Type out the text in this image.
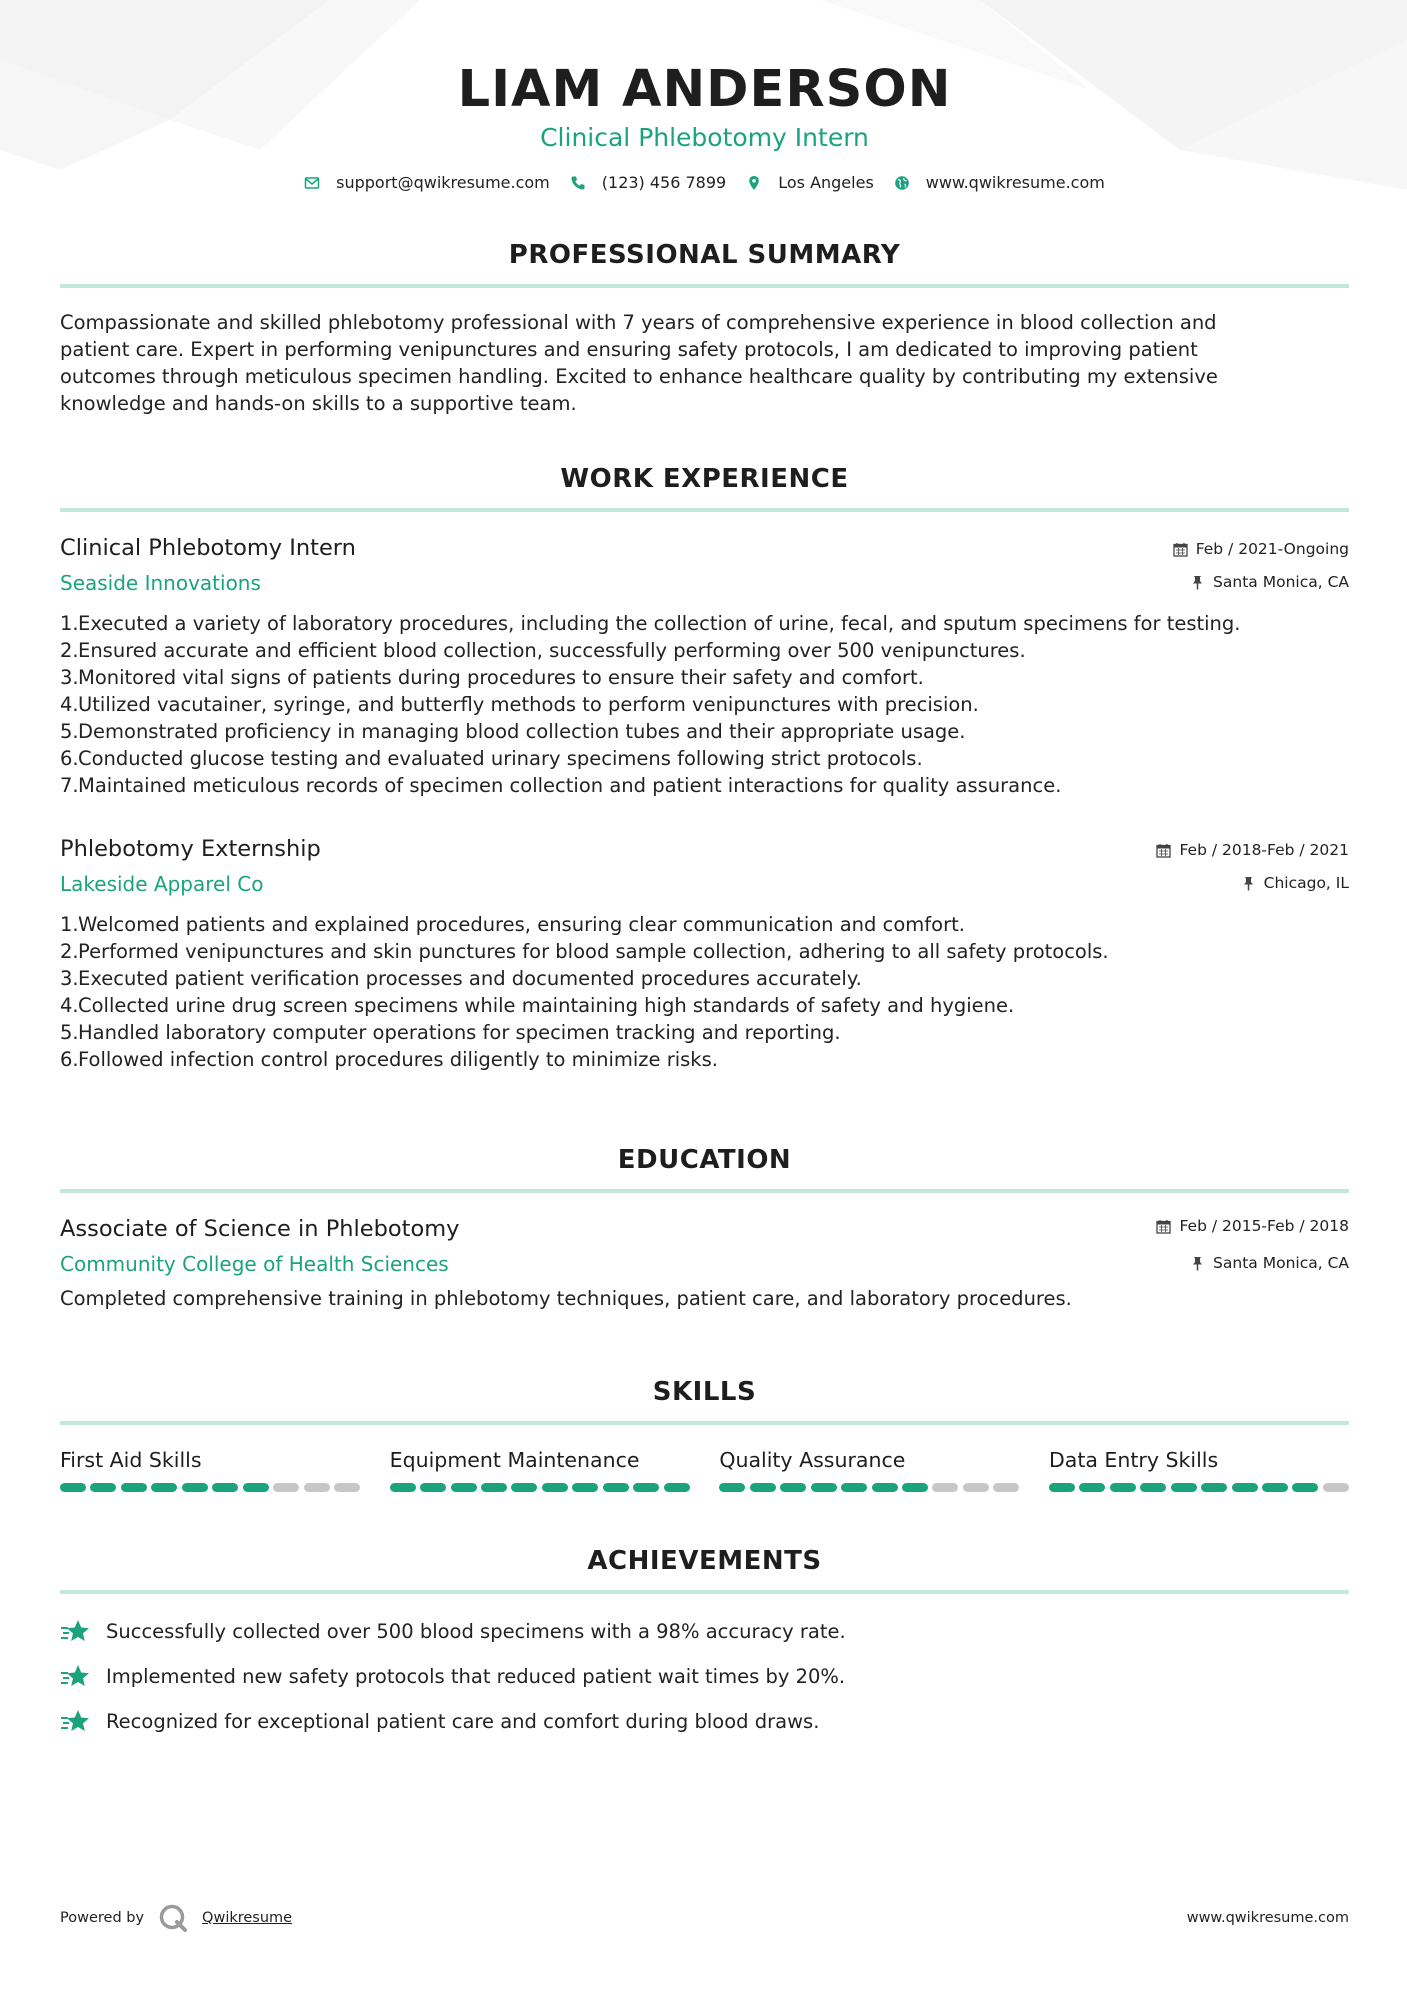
LIAM ANDERSON
Clinical Phlebotomy Intern
support@qwikresume.com	(123) 456 7899	Los Angeles	www.qwikresume.com
PROFESSIONAL SUMMARY
Compassionate and skilled phlebotomy professional with 7 years of comprehensive experience in blood collection and
patient care. Expert in performing venipunctures and ensuring safety protocols, I am dedicated to improving patient
outcomes through meticulous specimen handling. Excited to enhance healthcare quality by contributing my extensive
knowledge and hands-on skills to a supportive team.
WORK EXPERIENCE
Clinical Phlebotomy Intern
Seaside Innovations
Feb / 2021-Ongoing
Santa Monica, CA
1. Executed a variety of laboratory procedures, including the collection of urine, fecal, and sputum specimens for testing.
2. Ensured accurate and efficient blood collection, successfully performing over 500 venipunctures.
3. Monitored vital signs of patients during procedures to ensure their safety and comfort.
4. Utilized vacutainer, syringe, and butterfly methods to perform venipunctures with precision.
5. Demonstrated proficiency in managing blood collection tubes and their appropriate usage.
6. Conducted glucose testing and evaluated urinary specimens following strict protocols.
7. Maintained meticulous records of specimen collection and patient interactions for quality assurance.
Phlebotomy Externship
Lakeside Apparel Co
Feb / 2018-Feb / 2021
Chicago, IL
1. Welcomed patients and explained procedures, ensuring clear communication and comfort.
2. Performed venipunctures and skin punctures for blood sample collection, adhering to all safety protocols.
3. Executed patient verification processes and documented procedures accurately.
4. Collected urine drug screen specimens while maintaining high standards of safety and hygiene.
5. Handled laboratory computer operations for specimen tracking and reporting.
6. Followed infection control procedures diligently to minimize risks.
EDUCATION
Associate of Science in Phlebotomy
Community College of Health Sciences
Feb / 2015-Feb / 2018
Santa Monica, CA
Completed comprehensive training in phlebotomy techniques, patient care, and laboratory procedures.
SKILLS
First Aid Skills	Equipment Maintenance	Quality Assurance	Data Entry Skills
ACHIEVEMENTS
Successfully collected over 500 blood specimens with a 98% accuracy rate.
Implemented new safety protocols that reduced patient wait times by 20%.
Recognized for exceptional patient care and comfort during blood draws.
Powered by	Qwikresume	www.qwikresume.com
